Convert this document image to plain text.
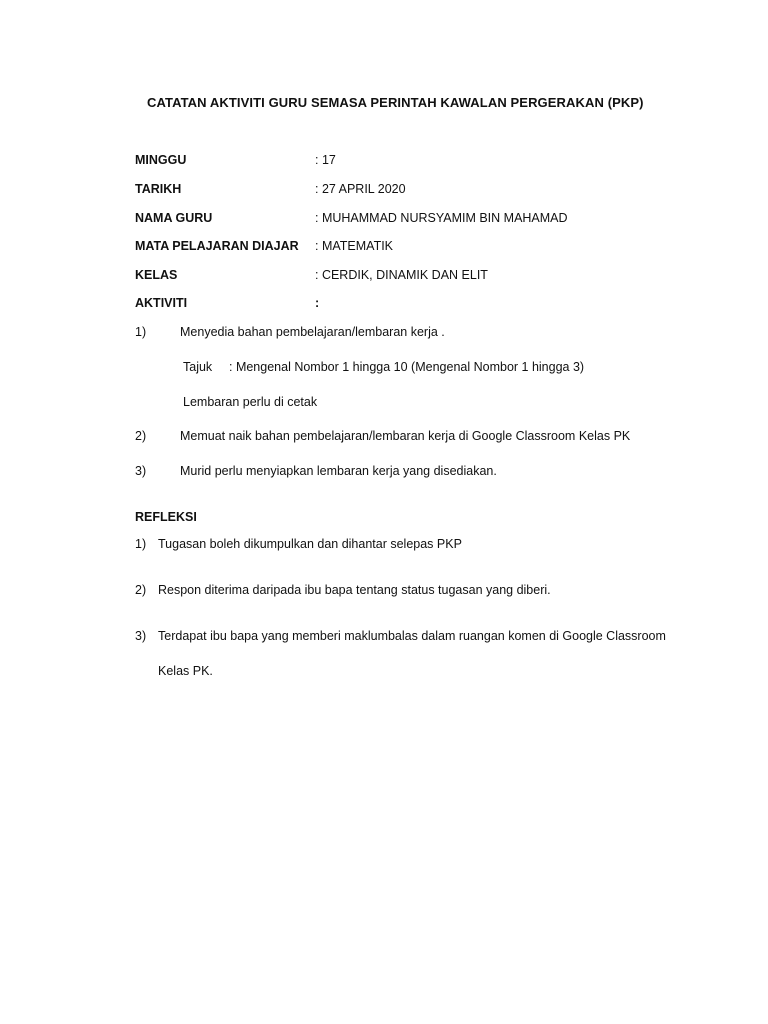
CATATAN AKTIVITI GURU SEMASA PERINTAH KAWALAN PERGERAKAN (PKP)
MINGGU	: 17
TARIKH	: 27 APRIL 2020
NAMA GURU	: MUHAMMAD NURSYAMIM BIN MAHAMAD
MATA PELAJARAN DIAJAR : MATEMATIK
KELAS	: CERDIK, DINAMIK DAN ELIT
AKTIVITI	:
1)	Menyedia bahan pembelajaran/lembaran kerja .
Tajuk : Mengenal Nombor 1 hingga 10 (Mengenal Nombor 1 hingga 3)
Lembaran perlu di cetak
2)	Memuat naik bahan pembelajaran/lembaran kerja di Google Classroom Kelas PK
3)	Murid perlu menyiapkan lembaran kerja yang disediakan.
REFLEKSI
1) Tugasan boleh dikumpulkan dan dihantar selepas PKP
2) Respon diterima daripada ibu bapa tentang status tugasan yang diberi.
3) Terdapat ibu bapa yang memberi maklumbalas dalam ruangan komen di Google Classroom
Kelas PK.
